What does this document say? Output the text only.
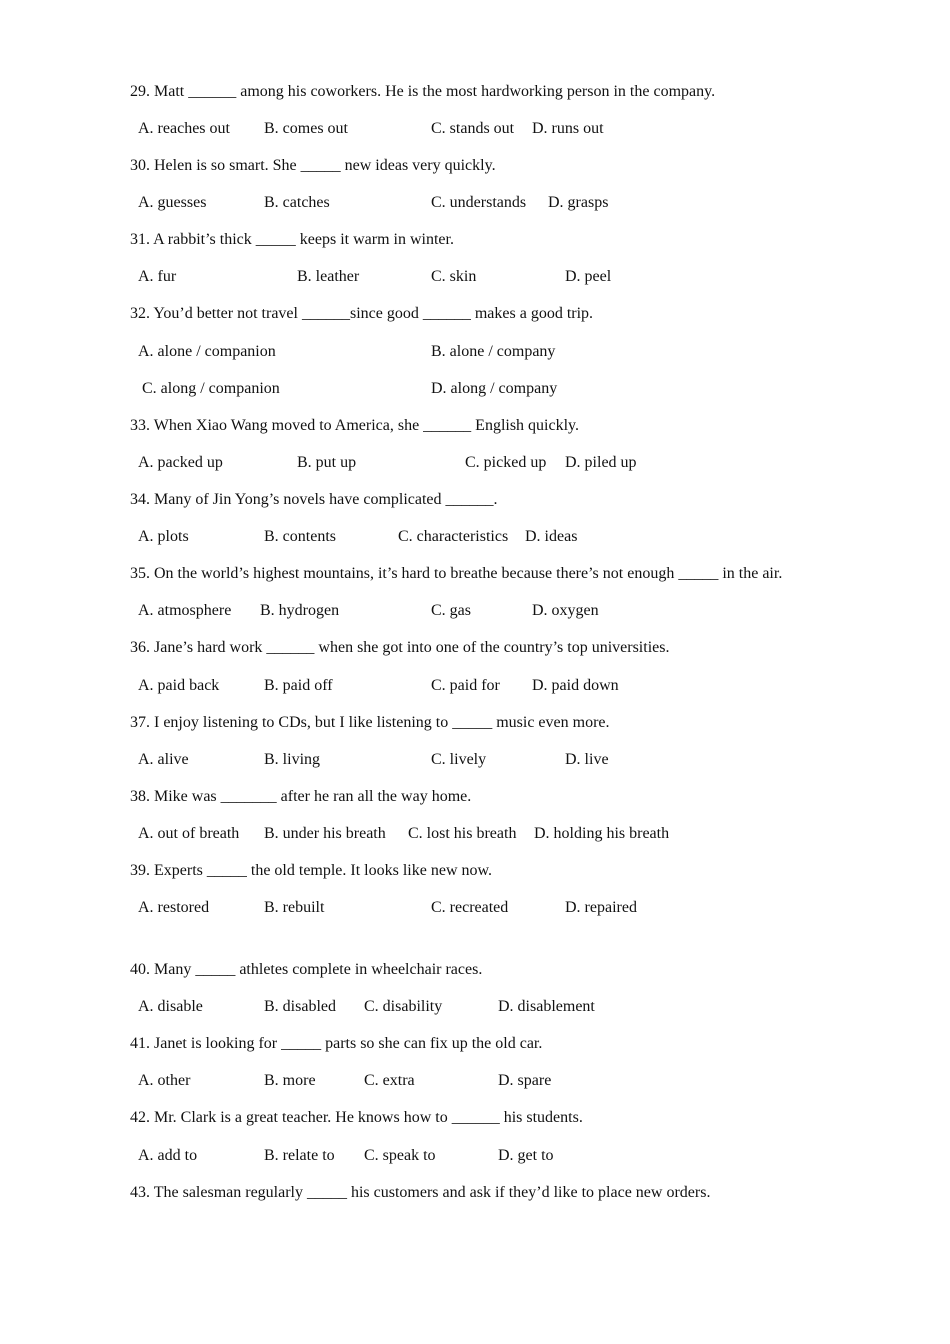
29. Matt ______ among his coworkers. He is the most hardworking person in the company.
A. reaches out B. comes out	C. stands out D. runs out
30. Helen is so smart. She _____ new ideas very quickly.
A. guesses	B. catches	C. understands D. grasps
31. A rabbit’s thick _____ keeps it warm in winter.
A. fur	B. leather	C. skin	D. peel
32. You’d better not travel ______since good ______ makes a good trip.
A. alone / companion	B. alone / company
C. along / companion	D. along / company
33. When Xiao Wang moved to America, she ______ English quickly.
A. packed up	B. put up	C. picked up D. piled up
34. Many of Jin Yong’s novels have complicated ______.
A. plots	B. contents	C. characteristics D. ideas
35. On the world’s highest mountains, it’s hard to breathe because there’s not enough _____ in the air.
A. atmosphere B. hydrogen	C. gas	D. oxygen
36. Jane’s hard work ______ when she got into one of the country’s top universities.
A. paid back	B. paid off	C. paid for D. paid down
37. I enjoy listening to CDs, but I like listening to _____ music even more.
A. alive	B. living	C. lively	D. live
38. Mike was _______ after he ran all the way home.
A. out of breath B. under his breath C. lost his breath D. holding his breath
39. Experts _____ the old temple. It looks like new now.
A. restored	B. rebuilt	C. recreated	D. repaired
40. Many _____ athletes complete in wheelchair races.
A. disable	B. disabled C. disability	D. disablement
41. Janet is looking for _____ parts so she can fix up the old car.
A. other	B. more	C. extra	D. spare
42. Mr. Clark is a great teacher. He knows how to ______ his students.
A. add to	B. relate to C. speak to	D. get to
43. The salesman regularly _____ his customers and ask if they’d like to place new orders.
